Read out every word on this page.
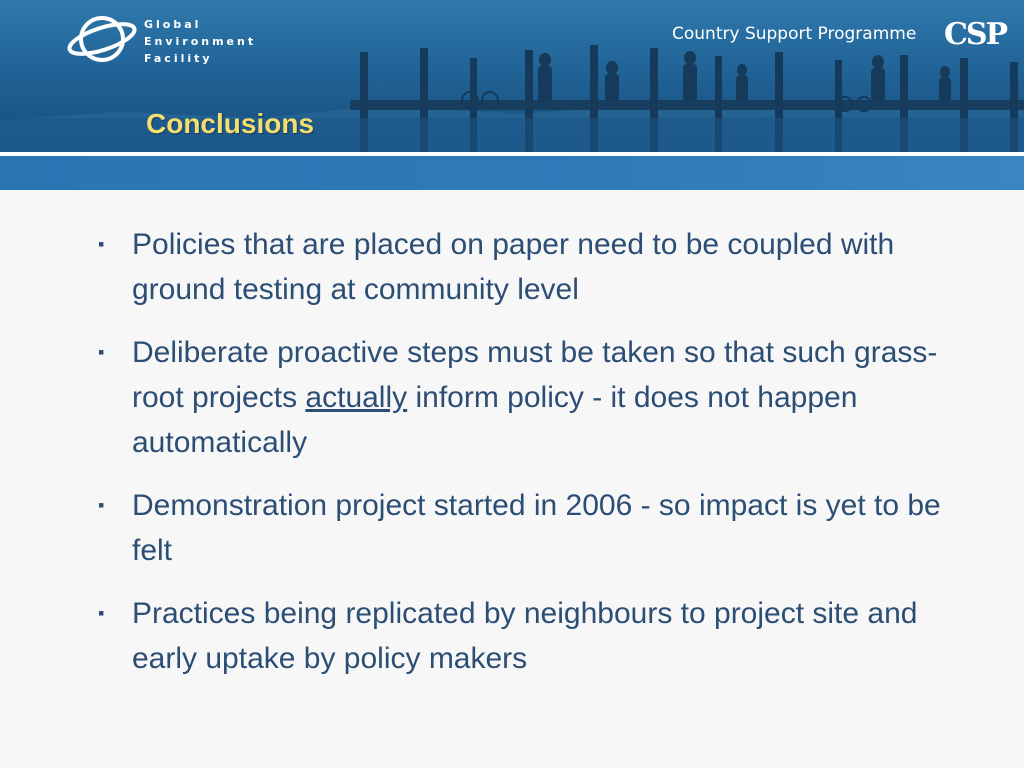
Global
Environment
Facility
Country Support Programme CSP
Conclusions
▪ Policies that are placed on paper need to be coupled with ground testing at community level
▪ Deliberate proactive steps must be taken so that such grass-root projects actually inform policy - it does not happen automatically
▪ Demonstration project started in 2006 - so impact is yet to be felt
▪ Practices being replicated by neighbours to project site and early uptake by policy makers
